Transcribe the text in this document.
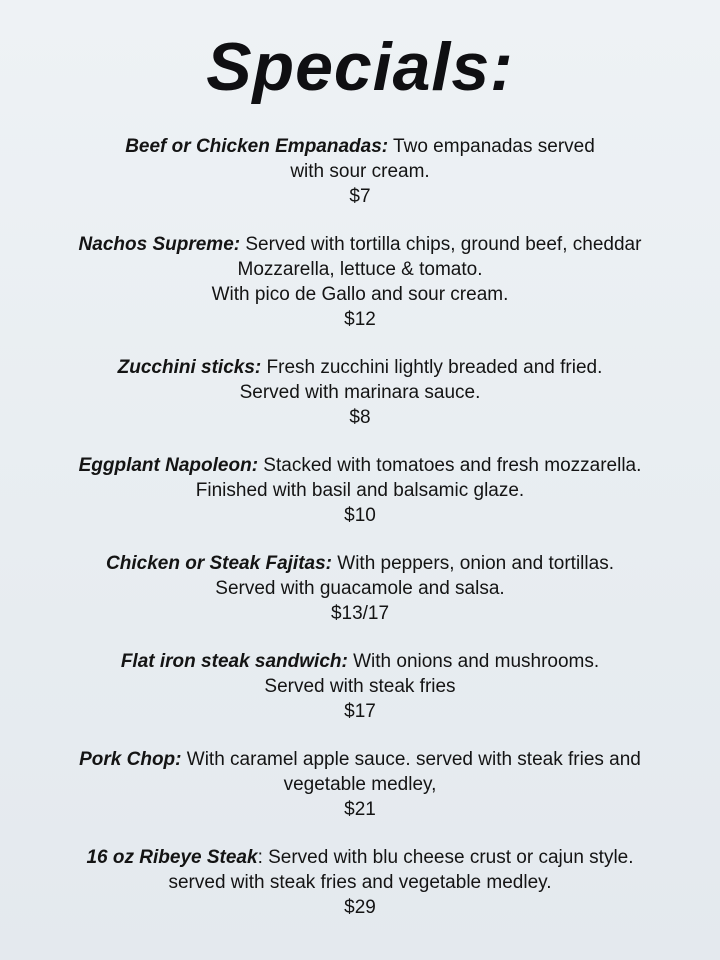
Specials:
Beef or Chicken Empanadas: Two empanadas served
with sour cream.
$7
Nachos Supreme: Served with tortilla chips, ground beef, cheddar
Mozzarella, lettuce & tomato.
With pico de Gallo and sour cream.
$12
Zucchini sticks: Fresh zucchini lightly breaded and fried.
Served with marinara sauce.
$8
Eggplant Napoleon: Stacked with tomatoes and fresh mozzarella.
Finished with basil and balsamic glaze.
$10
Chicken or Steak Fajitas: With peppers, onion and tortillas.
Served with guacamole and salsa.
$13/17
Flat iron steak sandwich: With onions and mushrooms.
Served with steak fries
$17
Pork Chop: With caramel apple sauce. served with steak fries and
vegetable medley,
$21
16 oz Ribeye Steak: Served with blu cheese crust or cajun style.
served with steak fries and vegetable medley.
$29
